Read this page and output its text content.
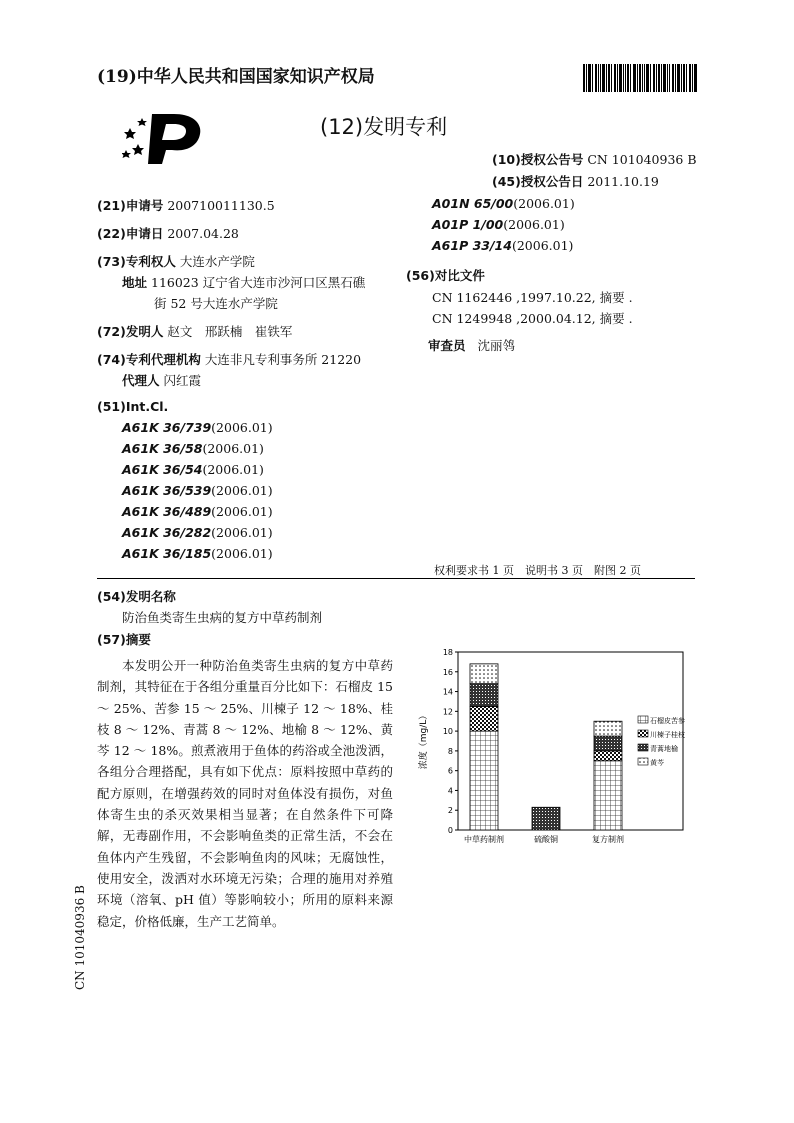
(19)中华人民共和国国家知识产权局
(12)发明专利
(10)授权公告号 CN 101040936 B
(45)授权公告日 2011.10.19
(21)申请号 200710011130.5
(22)申请日 2007.04.28
(73)专利权人 大连水产学院
地址 116023 辽宁省大连市沙河口区黑石礁
街 52 号大连水产学院
(72)发明人 赵文　邢跃楠　崔铁军
(74)专利代理机构 大连非凡专利事务所 21220
代理人 闪红霞
(51)Int.Cl.
A61K 36/739(2006.01)
A61K 36/58(2006.01)
A61K 36/54(2006.01)
A61K 36/539(2006.01)
A61K 36/489(2006.01)
A61K 36/282(2006.01)
A61K 36/185(2006.01)
A01N 65/00(2006.01)
A01P 1/00(2006.01)
A61P 33/14(2006.01)
(56)对比文件
CN 1162446 ,1997.10.22, 摘要 .
CN 1249948 ,2000.04.12, 摘要 .
审查员 沈丽鸰
权利要求书 1 页　说明书 3 页　附图 2 页
(54)发明名称
防治鱼类寄生虫病的复方中草药制剂
(57)摘要
本发明公开一种防治鱼类寄生虫病的复方中草药制剂，其特征在于各组分重量百分比如下：石榴皮 15 ～ 25%、苦参 15 ～ 25%、川楝子 12 ～ 18%、桂枝 8 ～ 12%、青蒿 8 ～ 12%、地榆 8 ～ 12%、黄芩 12 ～ 18%。煎煮液用于鱼体的药浴或全池泼洒，各组分合理搭配，具有如下优点：原料按照中草药的配方原则，在增强药效的同时对鱼体没有损伤，对鱼体寄生虫的杀灭效果相当显著；在自然条件下可降解，无毒副作用，不会影响鱼类的正常生活，不会在鱼体内产生残留，不会影响鱼肉的风味；无腐蚀性，使用安全，泼洒对水环境无污染；合理的施用对养殖环境（溶氧、pH 值）等影响较小；所用的原料来源稳定，价格低廉，生产工艺简单。
0
2
4
6
8
10
12
14
16
18
浓度（mg/L）
中草药制剂	硫酸铜	复方制剂
石榴皮苦参
川楝子桂枝
青蒿地榆
黄芩
CN 101040936 B
